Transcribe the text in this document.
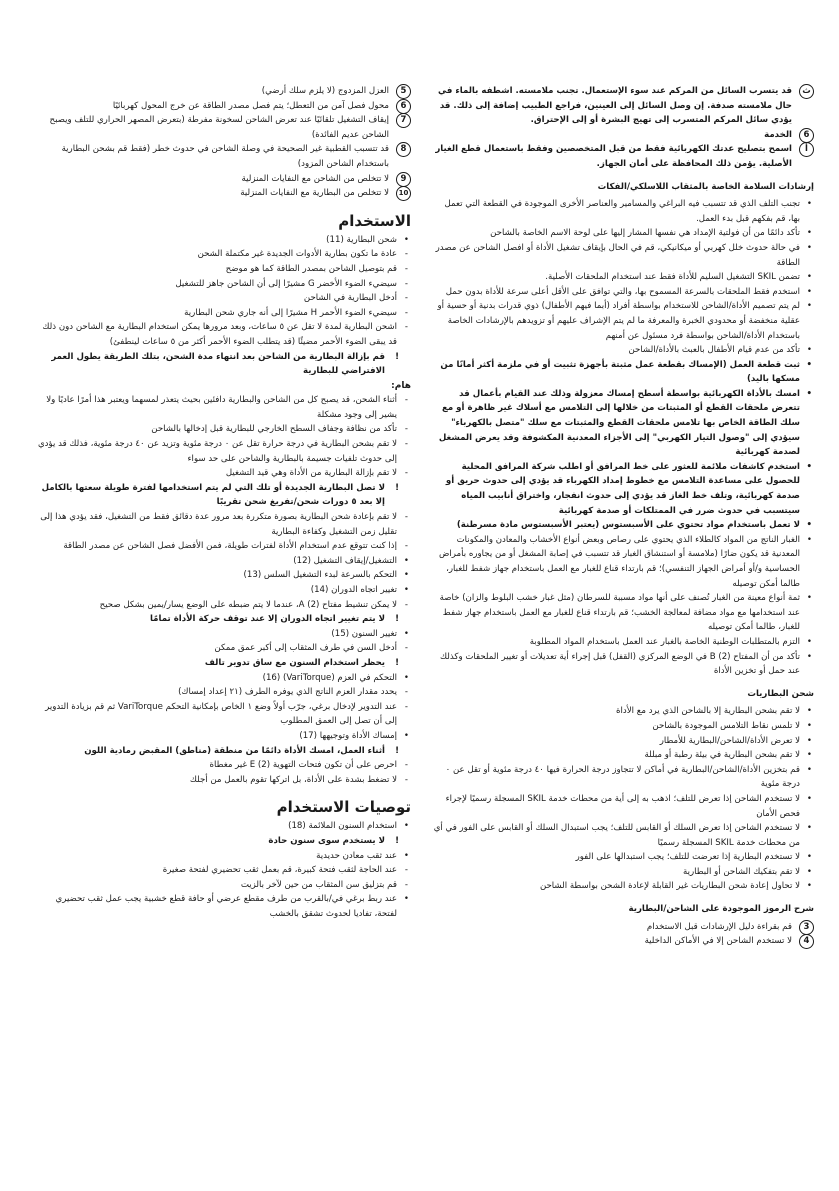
ث
قد يتسرب السائل من المركم عند سوء الإستعمال. تجنب ملامسته. اشطفه بالماء في حال ملامسته صدفة. إن وصل السائل إلى العينين، فراجع الطبيب إضافة إلى ذلك. قد يؤدي سائل المركم المتسرب إلى تهيج البشرة أو إلى الإحتراق.
6
الخدمة
أ
اسمح بتصليح عدتك الكهربائية فقط من قبل المتخصصين وفقط باستعمال قطع الغيار الأصلية. يؤمن ذلك المحافظة على أمان الجهاز.
إرشادات السلامة الخاصة بالمثقاب اللاسلكي/الفكات
• تجنب التلف الذي قد تتسبب فيه البراغي والمسامير والعناصر الأخرى الموجودة في القطعة التي تعمل بها، قم بفكهم قبل بدء العمل.
• تأكد دائمًا من أن فولتية الإمداد هي نفسها المشار إليها على لوحة الاسم الخاصة بالشاحن
• في حالة حدوث خلل كهربي أو ميكانيكي، قم في الحال بإيقاف تشغيل الأداة أو افصل الشاحن عن مصدر الطاقة
• تضمن SKIL التشغيل السليم للأداة فقط عند استخدام الملحقات الأصلية.
• استخدم فقط الملحقات بالسرعة المسموح بها، والتي توافق على الأقل أعلى سرعة للأداة بدون حمل
• لم يتم تصميم الأداة/الشاحن للاستخدام بواسطة أفراد (أبما فيهم الأطفال) ذوي قدرات بدنية أو حسية أو عقلية منخفضة أو محدودي الخبرة والمعرفة ما لم يتم الإشراف عليهم أو تزويدهم بالإرشادات الخاصة باستخدام الأداة/الشاحن بواسطة فرد مسئول عن أمنهم
• تأكد من عدم قيام الأطفال بالعبث بالأداة/الشاحن
• ثبت قطعة العمل (الإمساك بقطعة عمل مثبتة بأجهزة تثبيت أو في ملزمة أكثر أمانًا من مسكها باليد)
• امسك بالأداة الكهربائية بواسطة أسطح إمساك معزولة وذلك عند القيام بأعمال قد تتعرض ملحقات القطع أو المثبتات من خلالها إلى التلامس مع أسلاك غير ظاهرة أو مع سلك الطاقة الخاص بها تلامس ملحقات القطع والمثبتات مع سلك "متصل بالكهرباء" سيؤدي إلى "وصول التيار الكهربي" إلى الأجزاء المعدنية المكشوفة وقد يعرض المشغل لصدمة كهربائية
• استخدم كاشفات ملائمة للعثور على خط المرافق أو اطلب شركة المرافق المحلية للحصول على مساعدة التلامس مع خطوط إمداد الكهرباء قد يؤدي إلى حدوث حريق أو صدمة كهربائية، وتلف خط الغاز قد يؤدي إلى حدوث انفجار، واختراق أنابيب المياه سيتسبب في حدوث ضرر في الممتلكات أو صدمة كهربائية
• لا تعمل باستخدام مواد تحتوي على الأسبستوس (يعتبر الأسبستوس مادة مسرطنة)
• الغبار الناتج من المواد كالطلاء الذي يحتوي على رصاص وبعض أنواع الأخشاب والمعادن والمكونات المعدنية قد يكون ضارًا (ملامسة أو استنشاق الغبار قد تتسبب في إصابة المشغل أو من يجاوره بأمراض الحساسية و/أو أمراض الجهاز التنفسي)؛ قم بارتداء قناع للغبار مع العمل باستخدام جهاز شفط للغبار، طالما أمكن توصيله
• ثمة أنواع معينة من الغبار تُصنف على أنها مواد مسببة للسرطان (مثل غبار خشب البلوط والزان) خاصة عند استخدامها مع مواد مضافة لمعالجة الخشب؛ قم بارتداء قناع للغبار مع العمل باستخدام جهاز شفط للغبار، طالما أمكن توصيله
• التزم بالمتطلبات الوطنية الخاصة بالغبار عند العمل باستخدام المواد المطلوبة
• تأكد من أن المفتاح B (2) في الوضع المركزي (القفل) قبل إجراء أية تعديلات أو تغيير الملحقات وكذلك عند حمل أو تخزين الأداة
شحن البطاريات
• لا تقم بشحن البطارية إلا بالشاحن الذي يرد مع الأداة
• لا تلمس نقاط التلامس الموجودة بالشاحن
• لا تعرض الأداة/الشاحن/البطارية للأمطار
• لا تقم بشحن البطارية في بيئة رطبة أو مبللة
• قم بتخزين الأداة/الشاحن/البطارية في أماكن لا تتجاوز درجة الحرارة فيها ٤٠ درجة مئوية أو تقل عن ٠ درجة مئوية
• لا تستخدم الشاحن إذا تعرض للتلف؛ اذهب به إلى أية من محطات خدمة SKIL المسجلة رسميًا لإجراء فحص الأمان
• لا تستخدم الشاحن إذا تعرض السلك أو القابس للتلف؛ يجب استبدال السلك أو القابس على الفور في أي من محطات خدمة SKIL المسجلة رسميًا
• لا تستخدم البطارية إذا تعرضت للتلف؛ يجب استبدالها على الفور
• لا تقم بتفكيك الشاحن أو البطارية
• لا تحاول إعادة شحن البطاريات غير القابلة لإعادة الشحن بواسطة الشاحن
شرح الرموز الموجودة على الشاحن/البطارية
3
قم بقراءة دليل الإرشادات قبل الاستخدام
4
لا تستخدم الشاحن إلا في الأماكن الداخلية
5
العزل المزدوج (لا يلزم سلك أرضي)
6
محول فصل آمن من التعطل؛ يتم فصل مصدر الطاقة عن خرج المحول كهربائيًا
7
إيقاف التشغيل تلقائيًا عند تعرض الشاحن لسخونة مفرطة (بتعرض المصهر الحراري للتلف ويصبح الشاحن عديم الفائدة)
8
قد تتسبب القطبية غير الصحيحة في وصلة الشاحن في حدوث خطر (فقط قم بشحن البطارية باستخدام الشاحن المزود)
9
لا تتخلص من الشاحن مع النفايات المنزلية
10
لا تتخلص من البطارية مع النفايات المنزلية
الاستخدام
• شحن البطارية (11)
- عادة ما تكون بطارية الأدوات الجديدة غير مكتملة الشحن
- قم بتوصيل الشاحن بمصدر الطاقة كما هو موضح
- سيضيء الضوء الأخضر G مشيرًا إلى أن الشاحن جاهز للتشغيل
- أدخل البطارية في الشاحن
- سيضيء الضوء الأحمر H مشيرًا إلى أنه جاري شحن البطارية
- اشحن البطارية لمدة لا تقل عن ٥ ساعات، وبعد مرورها يمكن استخدام البطارية مع الشاحن دون ذلك قد يبقى الضوء الأحمر مضيئًا (قد يتطلب الضوء الأحمر أكثر من ٥ ساعات لينطفئ)
! قم بإزالة البطارية من الشاحن بعد انتهاء مدة الشحن، بتلك الطريقة يطول العمر الافتراضي للبطارية
هام:
- أثناء الشحن، قد يصبح كل من الشاحن والبطارية دافئين بحيث يتعذر لمسهما ويعتبر هذا أمرًا عاديًا ولا يشير إلى وجود مشكلة
- تأكد من نظافة وجفاف السطح الخارجي للبطارية قبل إدخالها بالشاحن
- لا تقم بشحن البطارية في درجة حرارة تقل عن ٠ درجة مئوية وتزيد عن ٤٠ درجة مئوية، فذلك قد يؤدي إلى حدوث تلفيات جسيمة بالبطارية والشاحن على حد سواء
- لا تقم بإزالة البطارية من الأداة وهي قيد التشغيل
! لا تصل البطارية الجديدة أو تلك التي لم يتم استخدامها لفترة طويلة سعتها بالكامل إلا بعد ٥ دورات شحن/تفريغ شحن تقريبًا
- لا تقم بإعادة شحن البطارية بصورة متكررة بعد مرور عدة دقائق فقط من التشغيل، فقد يؤدي هذا إلى تقليل زمن التشغيل وكفاءة البطارية
- إذا كنت تتوقع عدم استخدام الأداة لفترات طويلة، فمن الأفضل فصل الشاحن عن مصدر الطاقة
• التشغيل/إيقاف التشغيل (12)
• التحكم بالسرعة لبدء التشغيل السلس (13)
• تغيير اتجاه الدوران (14)
- لا يمكن تنشيط مفتاح A (2)، عندما لا يتم ضبطه على الوضع يسار/يمين بشكل صحيح
! لا يتم تغيير اتجاه الدوران إلا عند توقف حركة الأداة تمامًا
• تغيير السنون (15)
- أدخل السن في طرف المثقاب إلى أكبر عمق ممكن
! يحظر استخدام السنون مع ساق تدوير تالف
• التحكم في العزم (VariTorque) (16)
- يحدد مقدار العزم الناتج الذي يوفره الطرف (٢١ إعداد إمساك)
- عند التدوير لإدخال برغي، جرّب أولاً وضع ١ الخاص بإمكانية التحكم VariTorque ثم قم بزيادة التدوير إلى أن تصل إلى العمق المطلوب
• إمساك الأداة وتوجيهها (17)
! أثناء العمل، امسك الأداة دائمًا من منطقة (مناطق) المقبض رمادية اللون
- احرص على أن تكون فتحات التهوية E (2) غير مغطاة
- لا تضغط بشدة على الأداة، بل اتركها تقوم بالعمل من أجلك
توصيات الاستخدام
• استخدام السنون الملائمة (18)
! لا يستخدم سوى سنون حادة
• عند ثقب معادن حديدية
- عند الحاجة لثقب فتحة كبيرة، قم بعمل ثقب تحضيري لفتحة صغيرة
- قم بتزليق سن المثقاب من حين لآخر بالزيت
• عند ربط برغي في/بالقرب من طرف مقطع عرضي أو حافة قطع خشبية يجب عمل ثقب تحضيري لفتحة، تفاديا لحدوث تشقق بالخشب
